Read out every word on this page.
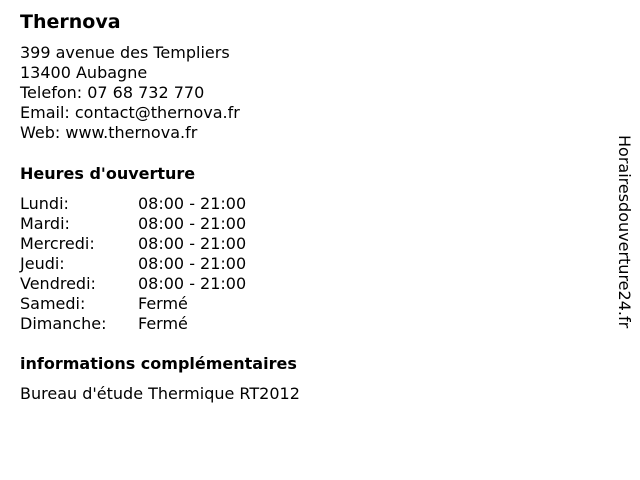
Thernova
399 avenue des Templiers
13400 Aubagne
Telefon: 07 68 732 770
Email: contact@thernova.fr
Web: www.thernova.fr
Heures d'ouverture
Lundi:	08:00 - 21:00
Mardi:	08:00 - 21:00
Mercredi:	08:00 - 21:00
Jeudi:	08:00 - 21:00
Vendredi:	08:00 - 21:00
Samedi:	Fermé
Dimanche: Fermé
informations complémentaires
Bureau d'étude Thermique RT2012
Horairesdouverture24.fr
